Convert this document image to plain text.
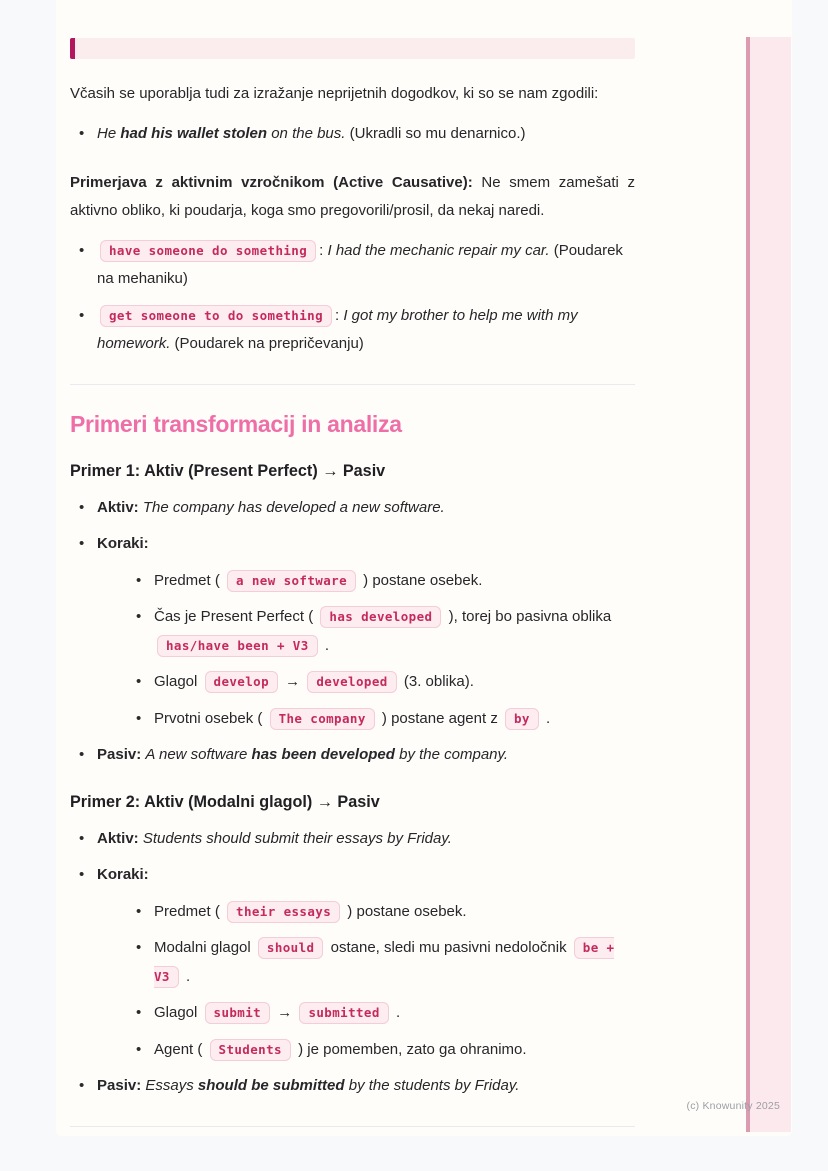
Včasih se uporablja tudi za izražanje neprijetnih dogodkov, ki so se nam zgodili:

• He had his wallet stolen on the bus. (Ukradli so mu denarnico.)

Primerjava z aktivnim vzročnikom (Active Causative): Ne smem zamešati z aktivno obliko, ki poudarja, koga smo pregovorili/prosil, da nekaj naredi.

• have someone do something : I had the mechanic repair my car. (Poudarek na mehaniku)
• get someone to do something : I got my brother to help me with my homework. (Poudarek na prepričevanju)
Primeri transformacij in analiza
Primer 1: Aktiv (Present Perfect) → Pasiv
• Aktiv: The company has developed a new software.
• Koraki:
• Predmet ( a new software ) postane osebek.
• Čas je Present Perfect ( has developed ), torej bo pasivna oblika has/have been + V3 .
• Glagol develop → developed (3. oblika).
• Prvotni osebek ( The company ) postane agent z by .
• Pasiv: A new software has been developed by the company.
Primer 2: Aktiv (Modalni glagol) → Pasiv
• Aktiv: Students should submit their essays by Friday.
• Koraki:
• Predmet ( their essays ) postane osebek.
• Modalni glagol should ostane, sledi mu pasivni nedoločnik be + V3 .
• Glagol submit → submitted .
• Agent ( Students ) je pomemben, zato ga ohranimo.
• Pasiv: Essays should be submitted by the students by Friday.
(c) Knowunity 2025
